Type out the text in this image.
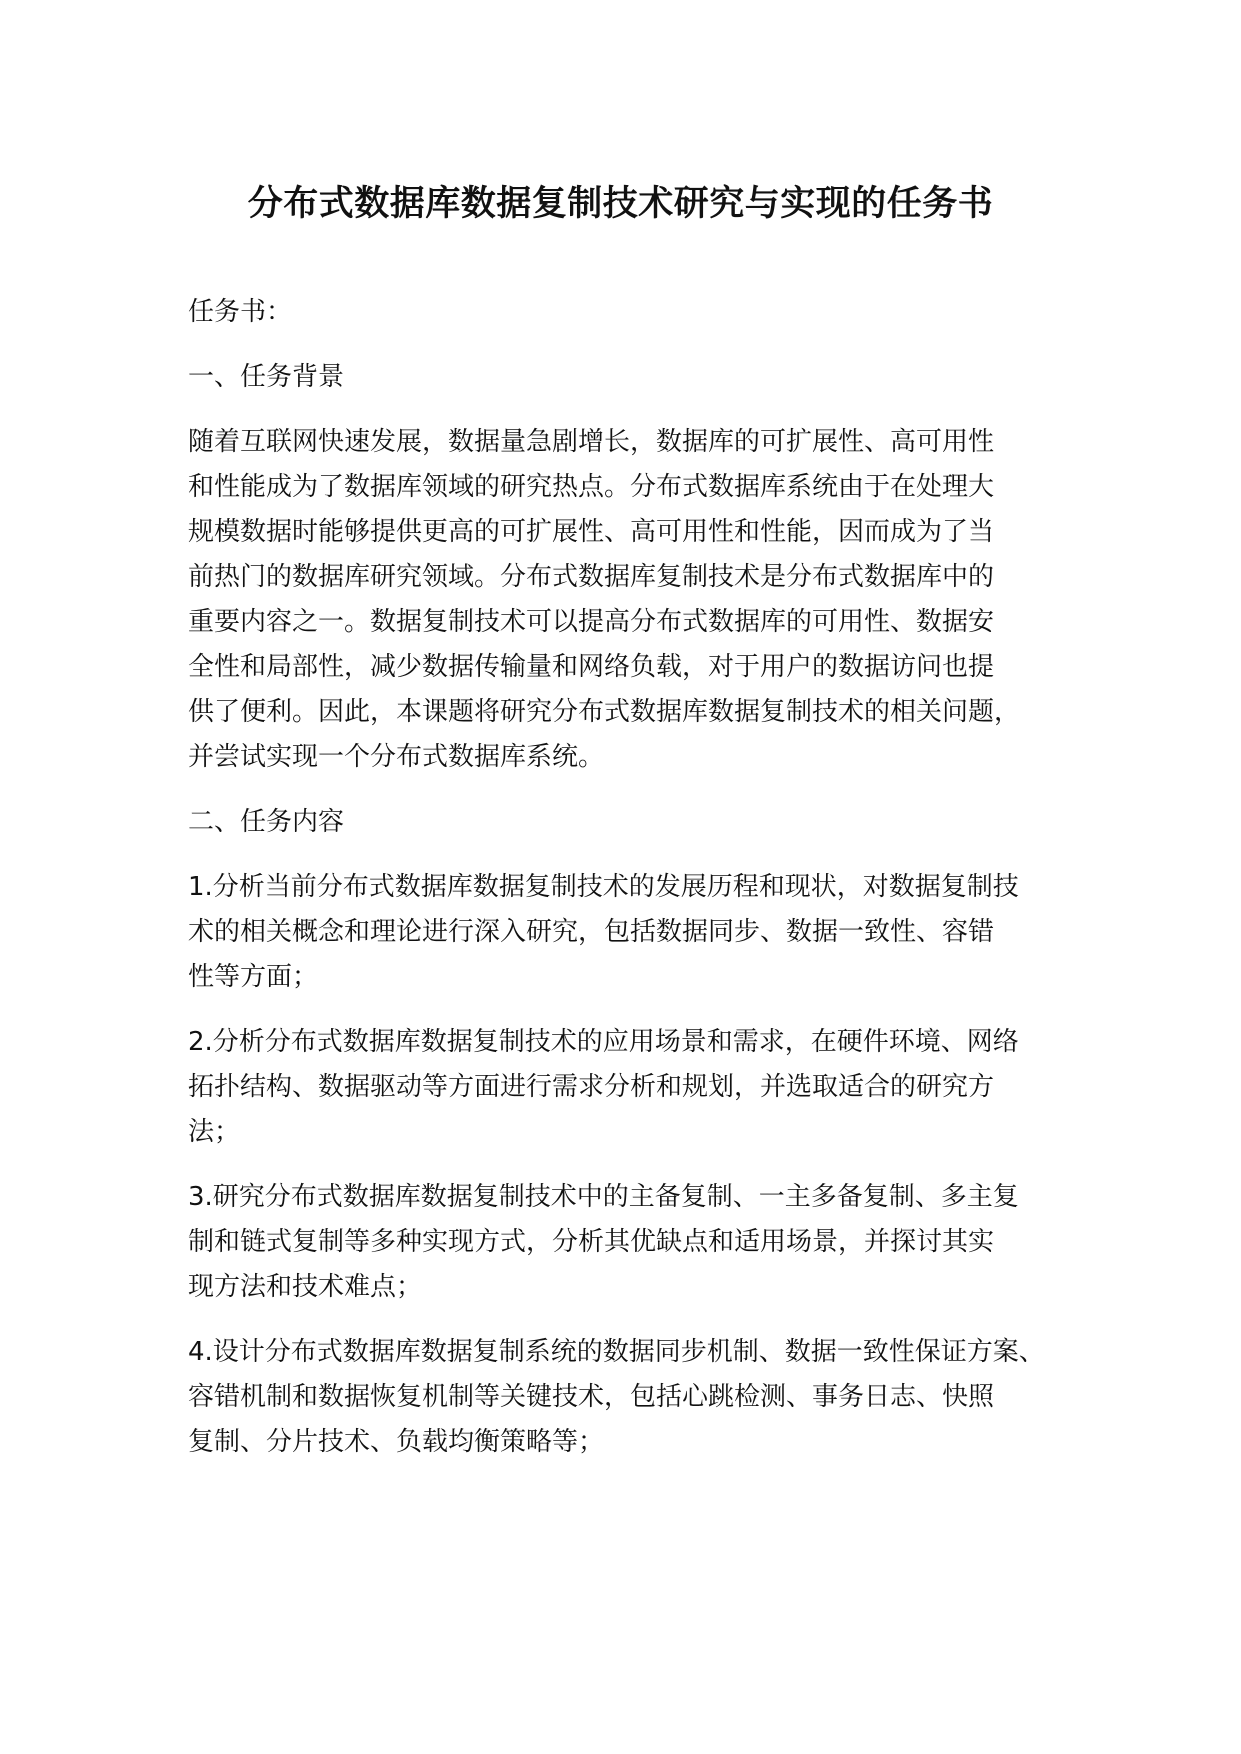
分布式数据库数据复制技术研究与实现的任务书

任务书：

一、任务背景

随着互联网快速发展，数据量急剧增长，数据库的可扩展性、高可用性
和性能成为了数据库领域的研究热点。分布式数据库系统由于在处理大
规模数据时能够提供更高的可扩展性、高可用性和性能，因而成为了当
前热门的数据库研究领域。分布式数据库复制技术是分布式数据库中的
重要内容之一。数据复制技术可以提高分布式数据库的可用性、数据安
全性和局部性，减少数据传输量和网络负载，对于用户的数据访问也提
供了便利。因此，本课题将研究分布式数据库数据复制技术的相关问题，
并尝试实现一个分布式数据库系统。

二、任务内容

1.分析当前分布式数据库数据复制技术的发展历程和现状，对数据复制技
术的相关概念和理论进行深入研究，包括数据同步、数据一致性、容错
性等方面；
2.分析分布式数据库数据复制技术的应用场景和需求，在硬件环境、网络
拓扑结构、数据驱动等方面进行需求分析和规划，并选取适合的研究方
法；
3.研究分布式数据库数据复制技术中的主备复制、一主多备复制、多主复
制和链式复制等多种实现方式，分析其优缺点和适用场景，并探讨其实
现方法和技术难点；
4.设计分布式数据库数据复制系统的数据同步机制、数据一致性保证方案、
容错机制和数据恢复机制等关键技术，包括心跳检测、事务日志、快照
复制、分片技术、负载均衡策略等；
